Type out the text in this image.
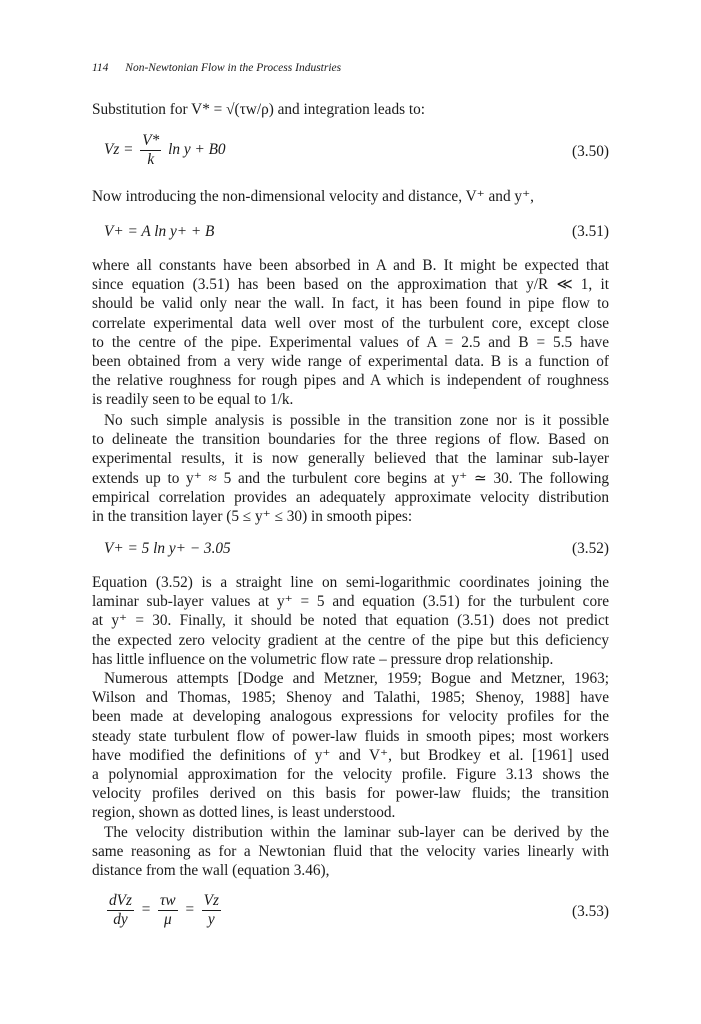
114 Non-Newtonian Flow in the Process Industries
Substitution for V* = √(τw/ρ) and integration leads to:
Now introducing the non-dimensional velocity and distance, V⁺ and y⁺,
where all constants have been absorbed in A and B. It might be expected that
since equation (3.51) has been based on the approximation that y/R ≪ 1, it
should be valid only near the wall. In fact, it has been found in pipe flow to
correlate experimental data well over most of the turbulent core, except close
to the centre of the pipe. Experimental values of A = 2.5 and B = 5.5 have
been obtained from a very wide range of experimental data. B is a function of
the relative roughness for rough pipes and A which is independent of roughness
is readily seen to be equal to 1/k.
No such simple analysis is possible in the transition zone nor is it possible
to delineate the transition boundaries for the three regions of flow. Based on
experimental results, it is now generally believed that the laminar sub-layer
extends up to y⁺ ≈ 5 and the turbulent core begins at y⁺ ≃ 30. The following
empirical correlation provides an adequately approximate velocity distribution
in the transition layer (5 ≤ y⁺ ≤ 30) in smooth pipes:
Equation (3.52) is a straight line on semi-logarithmic coordinates joining the
laminar sub-layer values at y⁺ = 5 and equation (3.51) for the turbulent core
at y⁺ = 30. Finally, it should be noted that equation (3.51) does not predict
the expected zero velocity gradient at the centre of the pipe but this deficiency
has little influence on the volumetric flow rate – pressure drop relationship.
Numerous attempts [Dodge and Metzner, 1959; Bogue and Metzner, 1963;
Wilson and Thomas, 1985; Shenoy and Talathi, 1985; Shenoy, 1988] have
been made at developing analogous expressions for velocity profiles for the
steady state turbulent flow of power-law fluids in smooth pipes; most workers
have modified the definitions of y⁺ and V⁺, but Brodkey et al. [1961] used
a polynomial approximation for the velocity profile. Figure 3.13 shows the
velocity profiles derived on this basis for power-law fluids; the transition
region, shown as dotted lines, is least understood.
The velocity distribution within the laminar sub-layer can be derived by the
same reasoning as for a Newtonian fluid that the velocity varies linearly with
distance from the wall (equation 3.46),
$Vz = \frac{V*}{k}$ ln y + B0	(3.50)
V+ = A ln y+ + B	(3.51)
V+ = 5 ln y+ − 3.05	(3.52)
$\frac{\text{dVz}}{dy} = \frac{\tau w}{\mu} = \frac{Vz}{y}$	(3.53)
